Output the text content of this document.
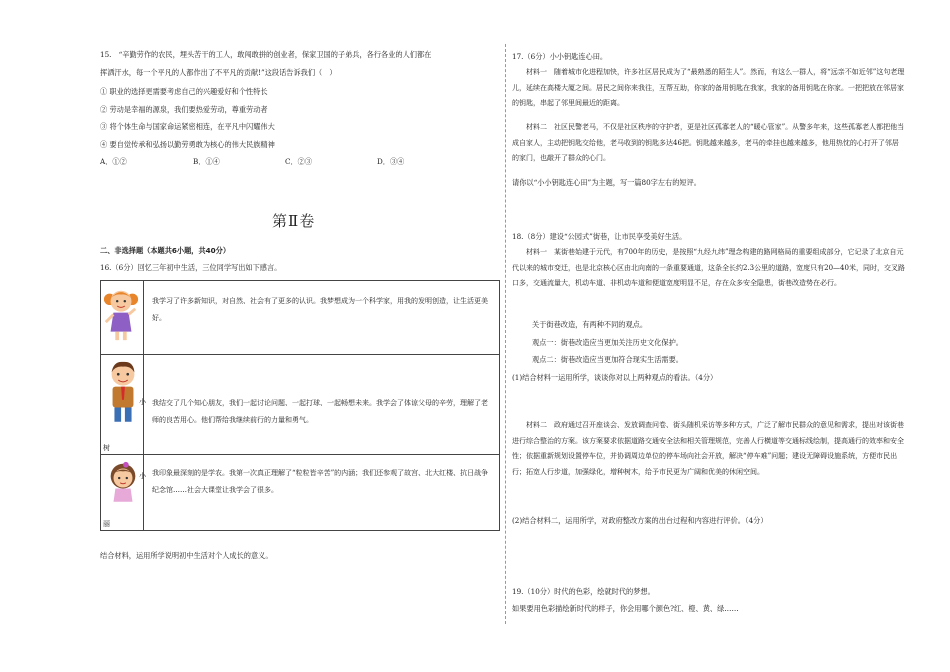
15.　“辛勤劳作的农民，埋头苦干的工人，敢闯敢拼的创业者，保家卫国的子弟兵，各行各业的人们都在
挥洒汗水，每一个平凡的人都作出了不平凡的贡献!”这段话告诉我们（　）
① 职业的选择更需要考虑自己的兴趣爱好和个性特长
② 劳动是幸福的源泉，我们要热爱劳动，尊重劳动者
③ 将个体生命与国家命运紧密相连，在平凡中闪耀伟大
④ 要自觉传承和弘扬以勤劳勇敢为核心的伟大民族精神
A．①②	B．①④	C．②③	D．③④
第Ⅱ卷
二、非选择题（本题共6小题，共40分）
16.（6分）回忆三年初中生活，三位同学写出如下感言。
	我学习了许多新知识，对自然、社会有了更多的认识。我梦想成为一个科学家，用我的发明创造，让生活更美好。

小
树	我结交了几个知心朋友，我们一起讨论问题、一起打球、一起畅想未来。我学会了体谅父母的辛劳，理解了老师的良苦用心。他们帮给我继续前行的力量和勇气。

小
丽	我印象最深刻的是学农。我第一次真正理解了“粒粒皆辛苦”的内涵；我们还参观了故宫、北大红楼、抗日战争纪念馆……社会大课堂让我学会了很多。
结合材料，运用所学说明初中生活对个人成长的意义。
17.（6分）小小钥匙连心田。
材料一　随着城市化进程加快，许多社区居民成为了“最熟悉的陌生人”。然而，有这么一群人，将“远亲不如近邻”这句老理儿，延续在高楼大厦之间。居民之间你来我往，互帮互助，你家的备用钥匙在我家，我家的备用钥匙在你家。一把把放在邻居家的钥匙，串起了邻里间最近的距离。
材料二　社区民警老马，不仅是社区秩序的守护者，更是社区孤寡老人的“暖心管家”。从警多年来，这些孤寡老人都把他当成自家人，主动把钥匙交给他，老马收到的钥匙多达46把。钥匙越来越多，老马的牵挂也越来越多，他用热忱的心打开了邻居的家门，也敲开了群众的心门。
请你以“小小钥匙连心田”为主题，写一篇80字左右的短评。
18.（8分）建设“公园式”街巷，让市民享受美好生活。
材料一　某街巷始建于元代，有700年的历史，是按照“九经九纬”理念构建的路网格局的重要组成部分，它记录了北京自元代以来的城市变迁，也是北京核心区由北向南的一条重要通道，这条全长约2.3公里的道路，宽度只有20—40米，同时，交叉路口多，交通流量大，机动车道、非机动车道和便道宽度明显不足，存在众多安全隐患，街巷改造势在必行。
关于街巷改造，有两种不同的观点。
观点一：街巷改造应当更加关注历史文化保护。
观点二：街巷改造应当更加符合现实生活需要。
(1)结合材料一运用所学，谈谈你对以上两种观点的看法。（4分）
材料二　政府通过召开座谈会、发放调查问卷、街头随机采访等多种方式，广泛了解市民群众的意见和需求，提出对该街巷进行综合整治的方案。该方案要求依据道路交通安全法和相关管理规范，完善人行横道等交通标线绘制，提高通行的效率和安全性；依据重新规划设置停车位，并协调周边单位的停车场向社会开放，解决“停车难”问题；建设无障碍设施系统，方便市民出行；拓宽人行步道，加强绿化，增种树木，给予市民更为广阔和优美的休闲空间。
(2)结合材料二，运用所学，对政府整改方案的出台过程和内容进行评价。（4分）
19.（10分）时代的色彩，绘就时代的梦想。
如果要用色彩描绘新时代的样子，你会用哪个颜色?红、橙、黄、绿……
